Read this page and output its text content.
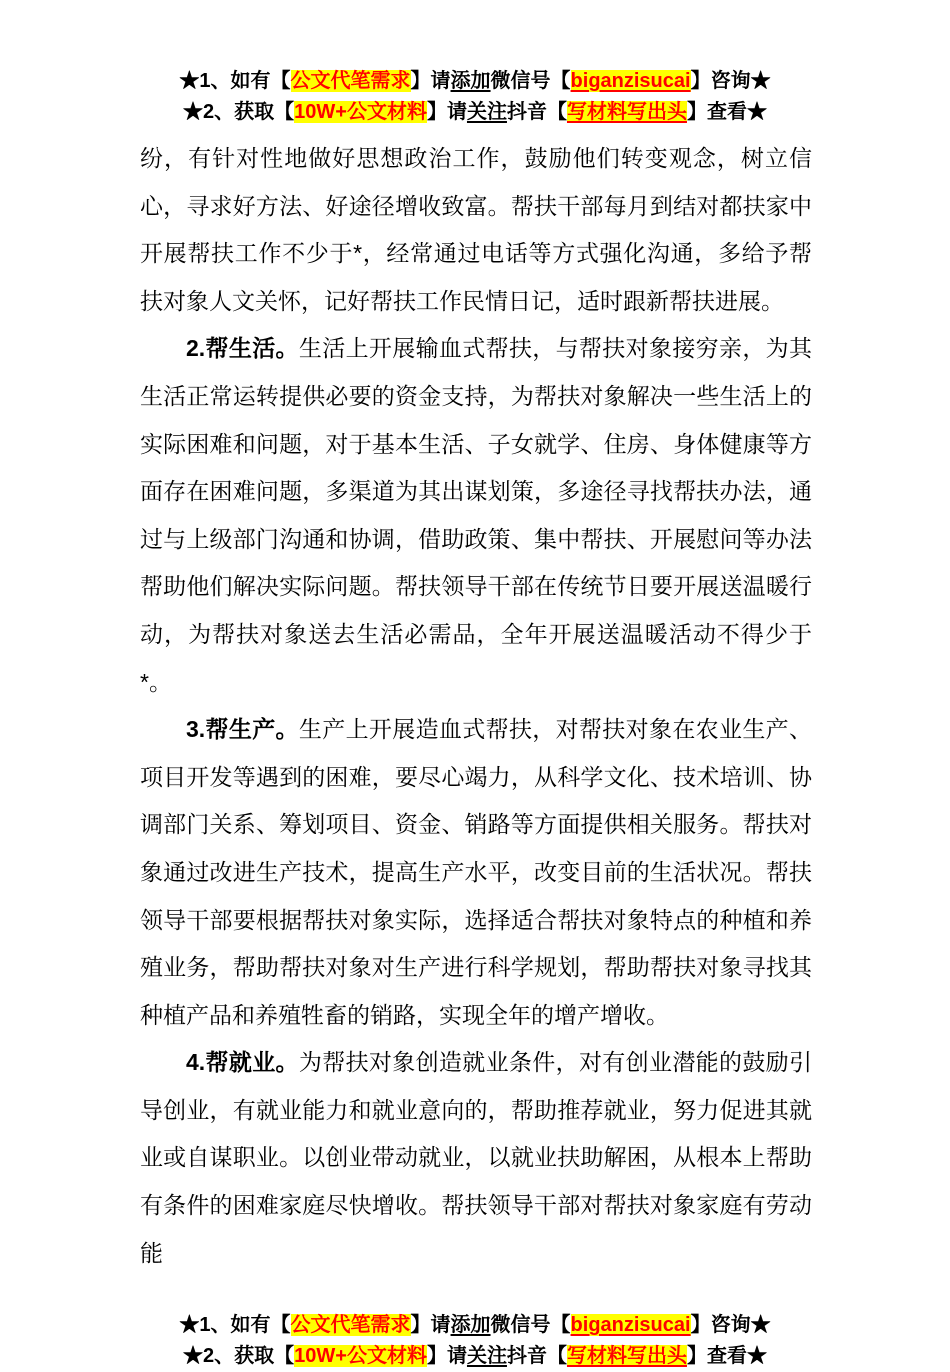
★1、如有【公文代笔需求】请添加微信号【biganzisucai】咨询★
★2、获取【10W+公文材料】请关注抖音【写材料写出头】查看★

纷，有针对性地做好思想政治工作，鼓励他们转变观念，树立信心，寻求好方法、好途径增收致富。帮扶干部每月到结对都扶家中开展帮扶工作不少于*，经常通过电话等方式强化沟通，多给予帮扶对象人文关怀，记好帮扶工作民情日记，适时跟新帮扶进展。

2.帮生活。生活上开展输血式帮扶，与帮扶对象接穷亲，为其生活正常运转提供必要的资金支持，为帮扶对象解决一些生活上的实际困难和问题，对于基本生活、子女就学、住房、身体健康等方面存在困难问题，多渠道为其出谋划策，多途径寻找帮扶办法，通过与上级部门沟通和协调，借助政策、集中帮扶、开展慰问等办法帮助他们解决实际问题。帮扶领导干部在传统节日要开展送温暖行动，为帮扶对象送去生活必需品，全年开展送温暖活动不得少于*。

3.帮生产。生产上开展造血式帮扶，对帮扶对象在农业生产、项目开发等遇到的困难，要尽心竭力，从科学文化、技术培训、协调部门关系、筹划项目、资金、销路等方面提供相关服务。帮扶对象通过改进生产技术，提高生产水平，改变目前的生活状况。帮扶领导干部要根据帮扶对象实际，选择适合帮扶对象特点的种植和养殖业务，帮助帮扶对象对生产进行科学规划，帮助帮扶对象寻找其种植产品和养殖牲畜的销路，实现全年的增产增收。

4.帮就业。为帮扶对象创造就业条件，对有创业潜能的鼓励引导创业，有就业能力和就业意向的，帮助推荐就业，努力促进其就业或自谋职业。以创业带动就业，以就业扶助解困，从根本上帮助有条件的困难家庭尽快增收。帮扶领导干部对帮扶对象家庭有劳动能

★1、如有【公文代笔需求】请添加微信号【biganzisucai】咨询★
★2、获取【10W+公文材料】请关注抖音【写材料写出头】查看★
